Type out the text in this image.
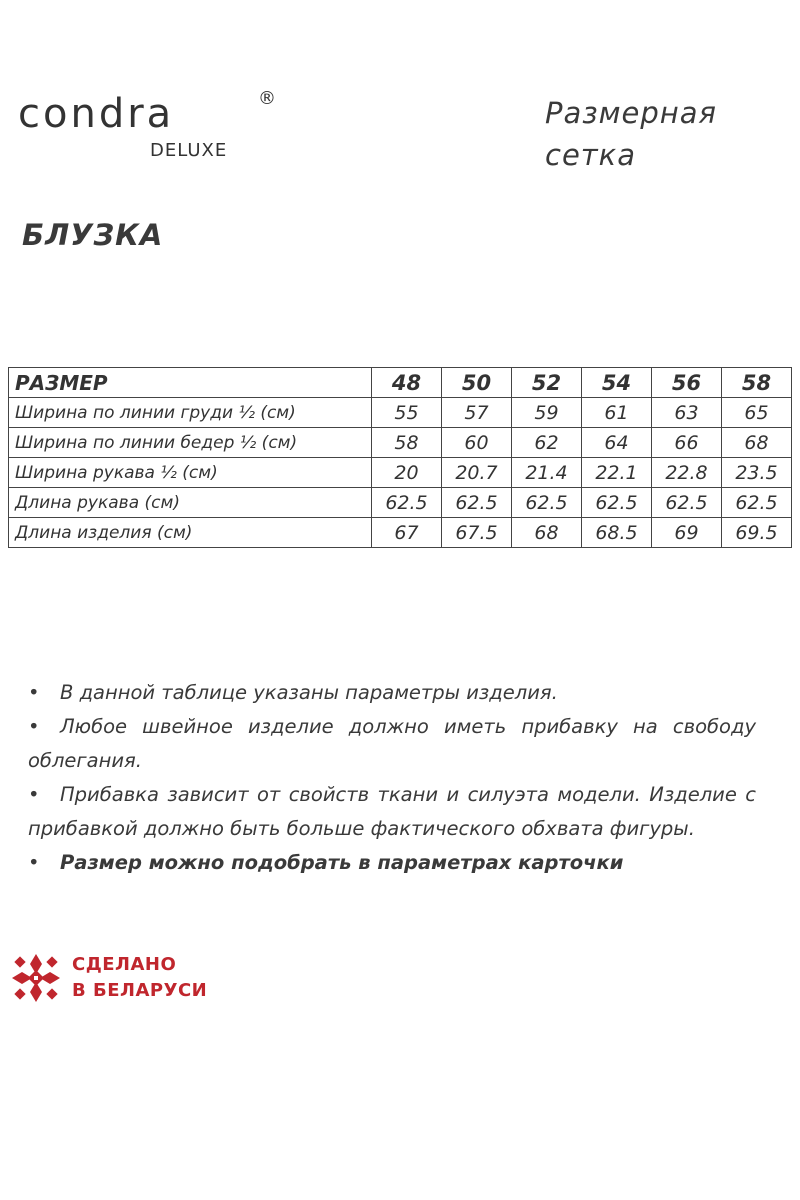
condra	®
DELUXE
Размерная
сетка
БЛУЗКА
РАЗМЕР	48	50	52	54	56	58
Ширина по линии груди ½ (см)	55	57	59	61	63	65
Ширина по линии бедер ½ (см)	58	60	62	64	66	68
Ширина рукава ½ (см)	20	20.7	21.4	22.1	22.8	23.5
Длина рукава (см)	62.5	62.5	62.5	62.5	62.5	62.5
Длина изделия (см)	67	67.5	68	68.5	69	69.5

• В данной таблице указаны параметры изделия.

• Любое швейное изделие должно иметь прибавку на свободу облегания.

• Прибавка зависит от свойств ткани и силуэта модели. Изделие с прибавкой должно быть больше фактического обхвата фигуры.

• Размер можно подобрать в параметрах карточки

СДЕЛАНО
В БЕЛАРУСИ
